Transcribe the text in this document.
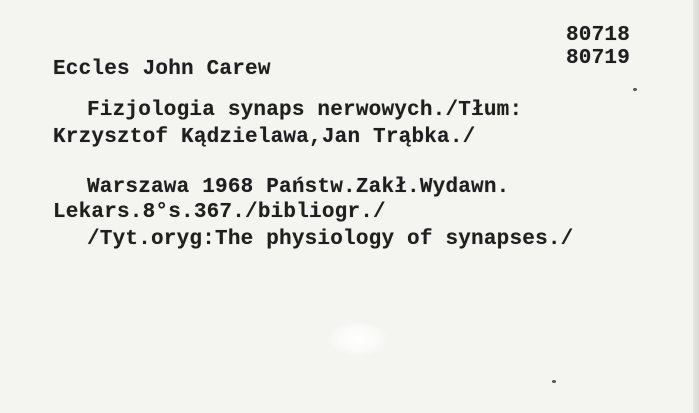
80718
80719
Eccles John Carew
Fizjologia synaps nerwowych./Tłum:
Krzysztof Kądzielawa,Jan Trąbka./
Warszawa 1968 Państw.Zakł.Wydawn.
Lekars.8°s.367./bibliogr./
/Tyt.oryg:The physiology of synapses./
